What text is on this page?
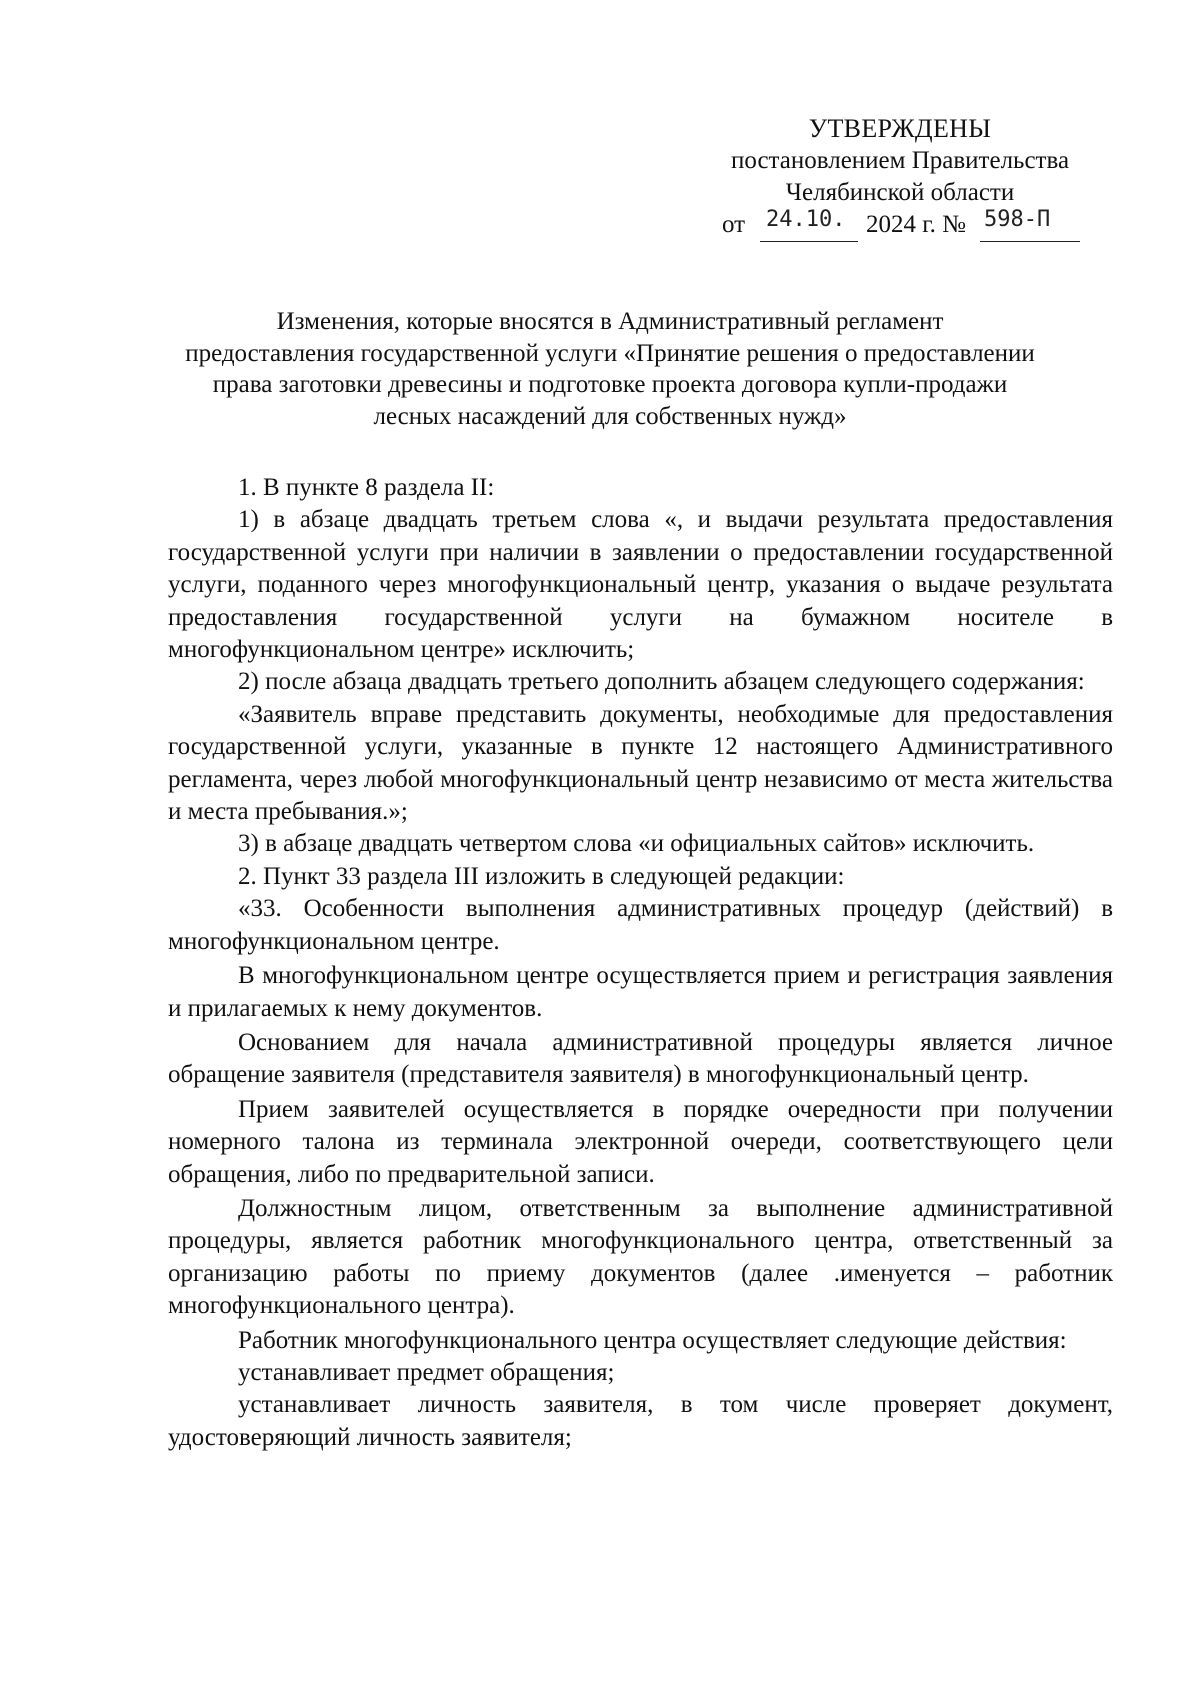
УТВЕРЖДЕНЫ
постановлением Правительства
Челябинской области
от 24.10. 2024 г. № 598-П
Изменения, которые вносятся в Административный регламент
предоставления государственной услуги «Принятие решения о предоставлении
права заготовки древесины и подготовке проекта договора купли-продажи
лесных насаждений для собственных нужд»

1. В пункте 8 раздела II:

1) в абзаце двадцать третьем слова «, и выдачи результата предоставления государственной услуги при наличии в заявлении о предоставлении государственной услуги, поданного через многофункциональный центр, указания о выдаче результата предоставления государственной услуги на бумажном носителе в многофункциональном центре» исключить;

2) после абзаца двадцать третьего дополнить абзацем следующего содержания:

«Заявитель вправе представить документы, необходимые для предоставления государственной услуги, указанные в пункте 12 настоящего Административного регламента, через любой многофункциональный центр независимо от места жительства и места пребывания.»;

3) в абзаце двадцать четвертом слова «и официальных сайтов» исключить.

2. Пункт 33 раздела III изложить в следующей редакции:

«33. Особенности выполнения административных процедур (действий) в многофункциональном центре.

В многофункциональном центре осуществляется прием и регистрация заявления и прилагаемых к нему документов.

Основанием для начала административной процедуры является личное обращение заявителя (представителя заявителя) в многофункциональный центр.

Прием заявителей осуществляется в порядке очередности при получении номерного талона из терминала электронной очереди, соответствующего цели обращения, либо по предварительной записи.

Должностным лицом, ответственным за выполнение административной процедуры, является работник многофункционального центра, ответственный за организацию работы по приему документов (далее .именуется – работник многофункционального центра).

Работник многофункционального центра осуществляет следующие действия:

устанавливает предмет обращения;

устанавливает личность заявителя, в том числе проверяет документ, удостоверяющий личность заявителя;
